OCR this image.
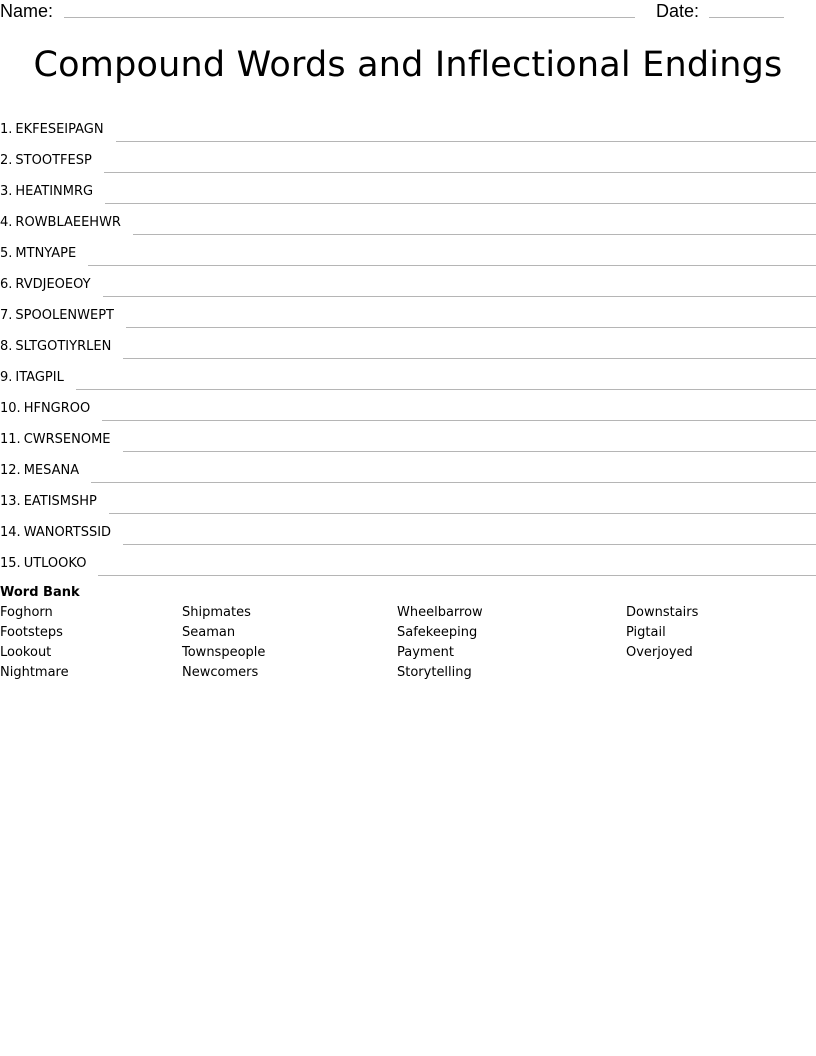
Name:	Date:
Compound Words and Inflectional Endings
1. EKFESEIPAGN
2. STOOTFESP
3. HEATINMRG
4. ROWBLAEEHWR
5. MTNYAPE
6. RVDJEOEOY
7. SPOOLENWEPT
8. SLTGOTIYRLEN
9. ITAGPIL
10. HFNGROO
11. CWRSENOME
12. MESANA
13. EATISMSHP
14. WANORTSSID
15. UTLOOKO
Word Bank
Foghorn
Footsteps
Lookout
Nightmare
Shipmates
Seaman
Townspeople
Newcomers
Wheelbarrow
Safekeeping
Payment
Storytelling
Downstairs
Pigtail
Overjoyed
